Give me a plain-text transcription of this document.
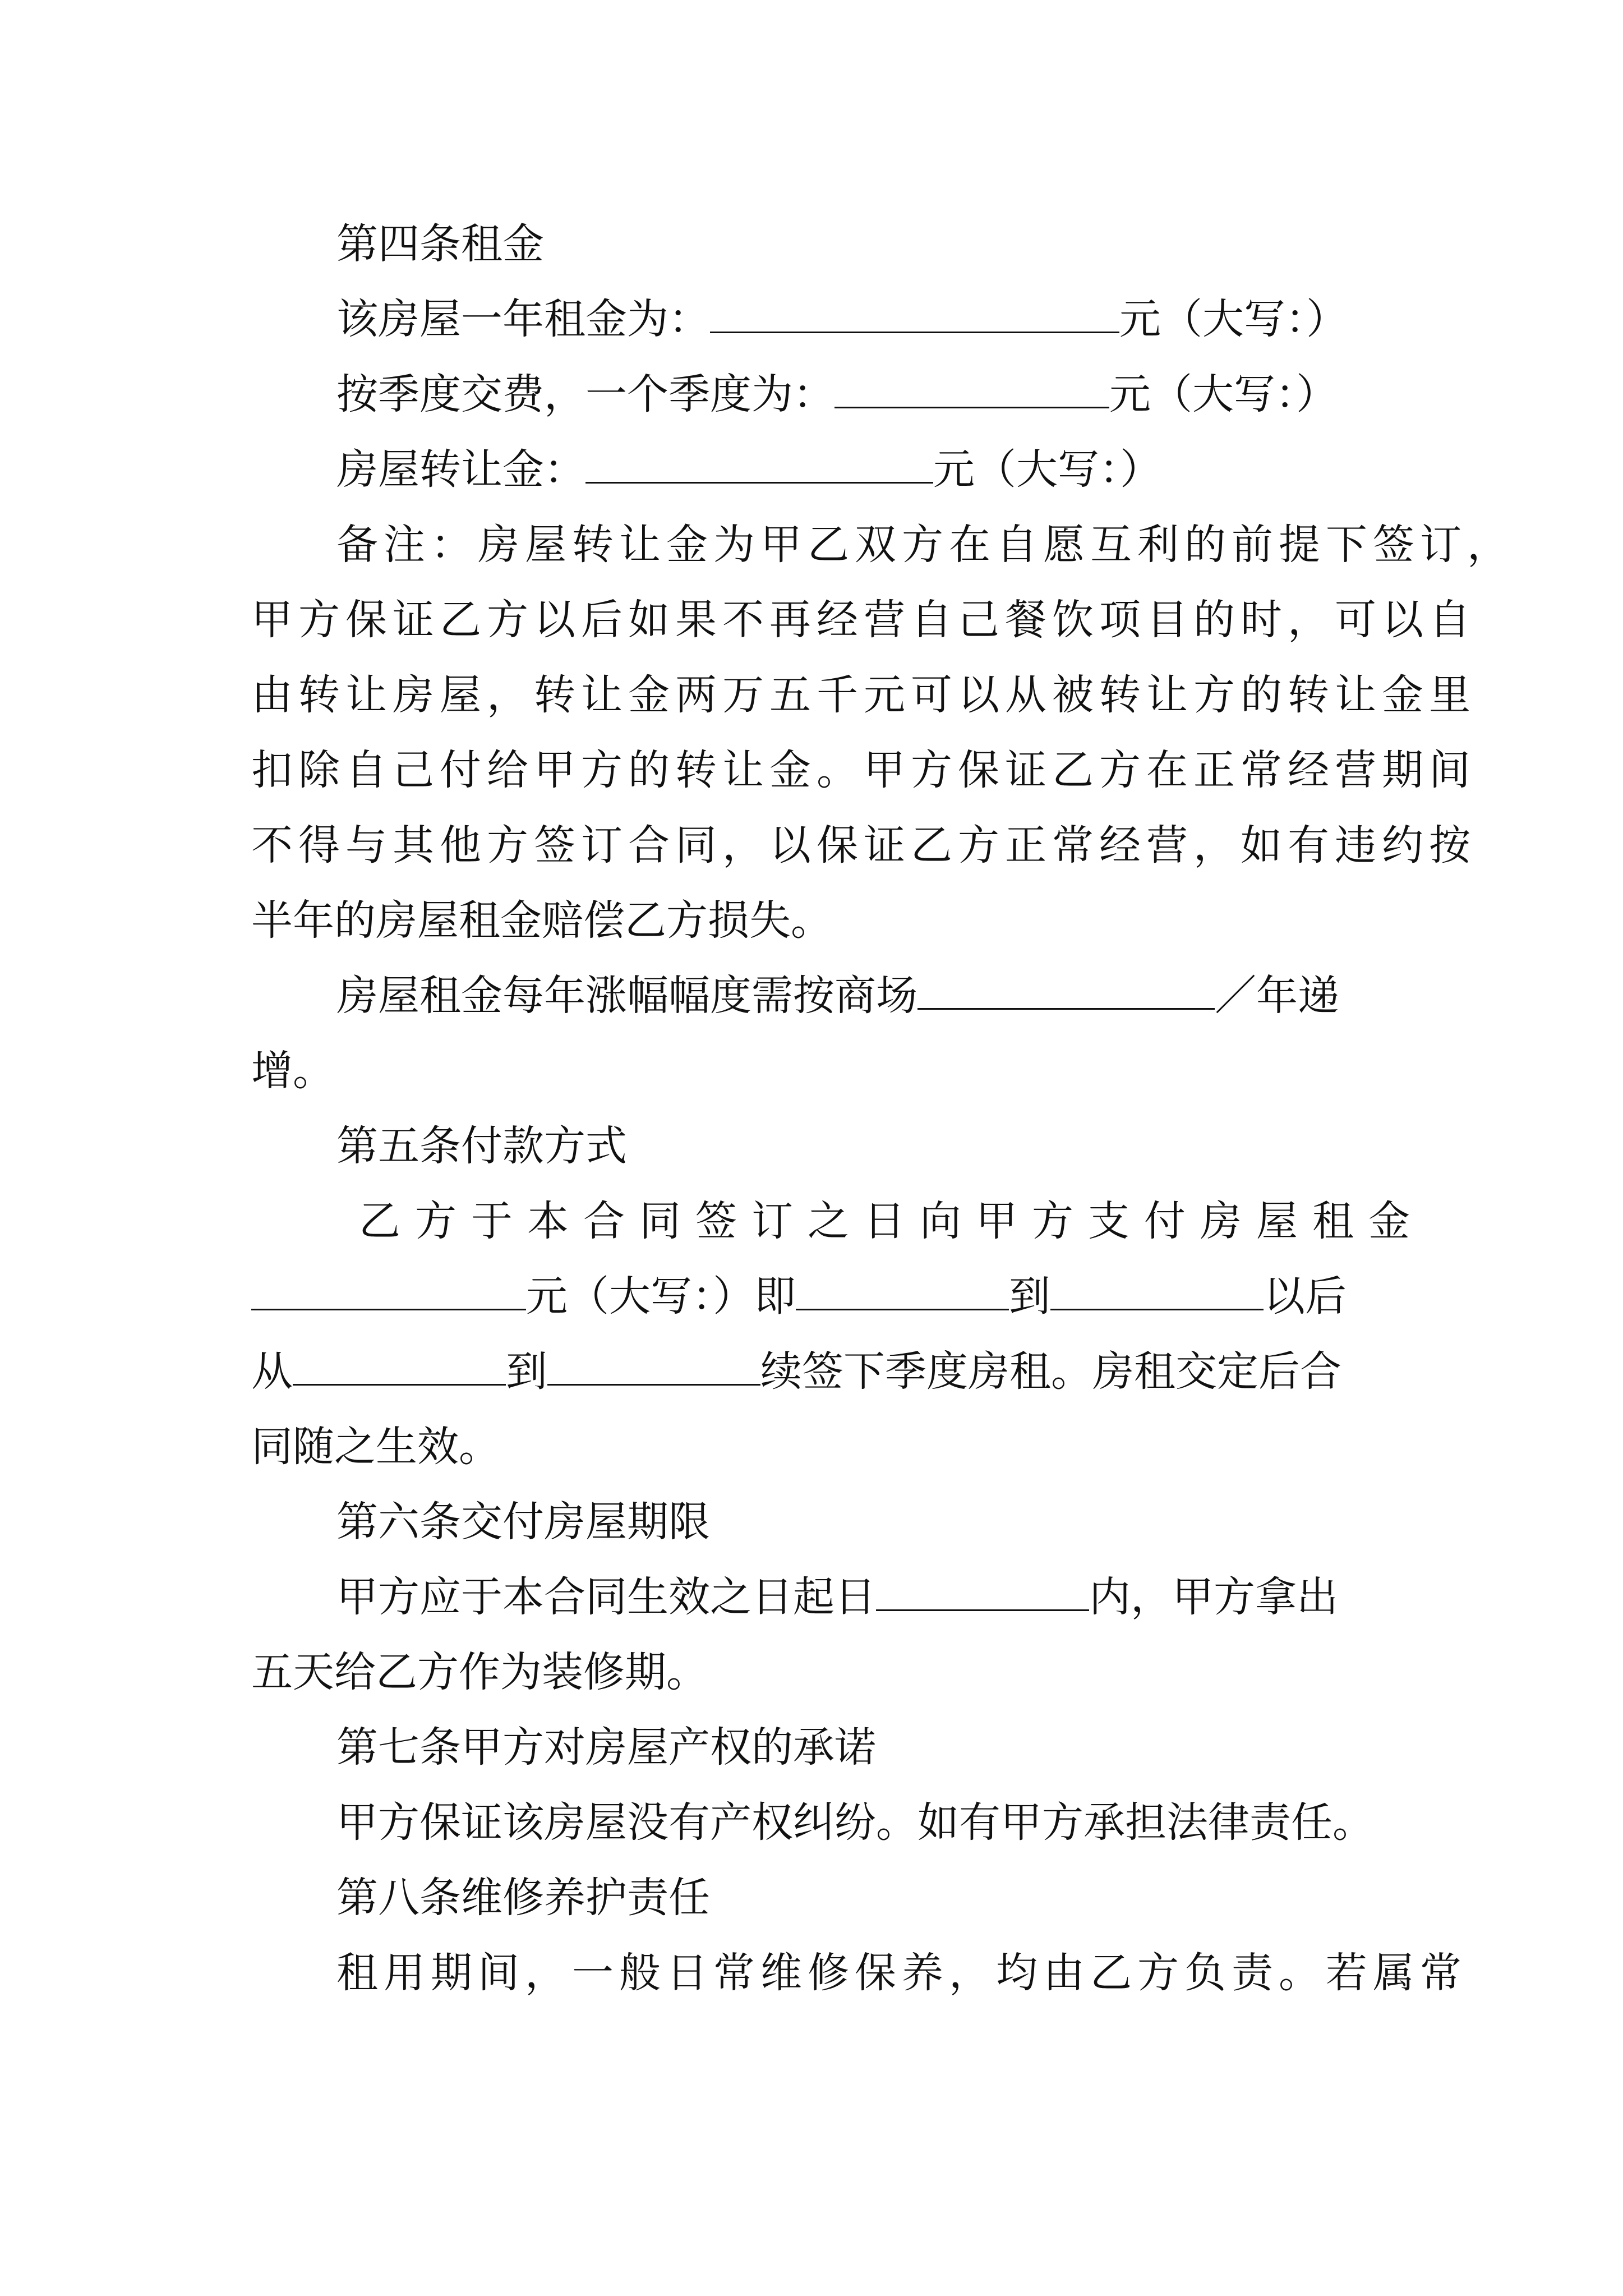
第四条租金
该房屋一年租金为：	元（大写：）
按季度交费，一个季度为：	元（大写：）
房屋转让金：	元（大写：）
备注：房屋转让金为甲乙双方在自愿互利的前提下签订，
甲方保证乙方以后如果不再经营自己餐饮项目的时，可以自
由转让房屋，转让金两万五千元可以从被转让方的转让金里
扣除自己付给甲方的转让金。甲方保证乙方在正常经营期间
不得与其他方签订合同，以保证乙方正常经营，如有违约按
半年的房屋租金赔偿乙方损失。
房屋租金每年涨幅幅度需按商场	／年递
增。
第五条付款方式
乙方于本合同签订之日向甲方支付房屋租金
元（大写：）即	到	以后
从	到	续签下季度房租。房租交定后合
同随之生效。
第六条交付房屋期限
甲方应于本合同生效之日起日	内，甲方拿出
五天给乙方作为装修期。
第七条甲方对房屋产权的承诺
甲方保证该房屋没有产权纠纷。如有甲方承担法律责任。
第八条维修养护责任
租用期间，一般日常维修保养，均由乙方负责。若属常
